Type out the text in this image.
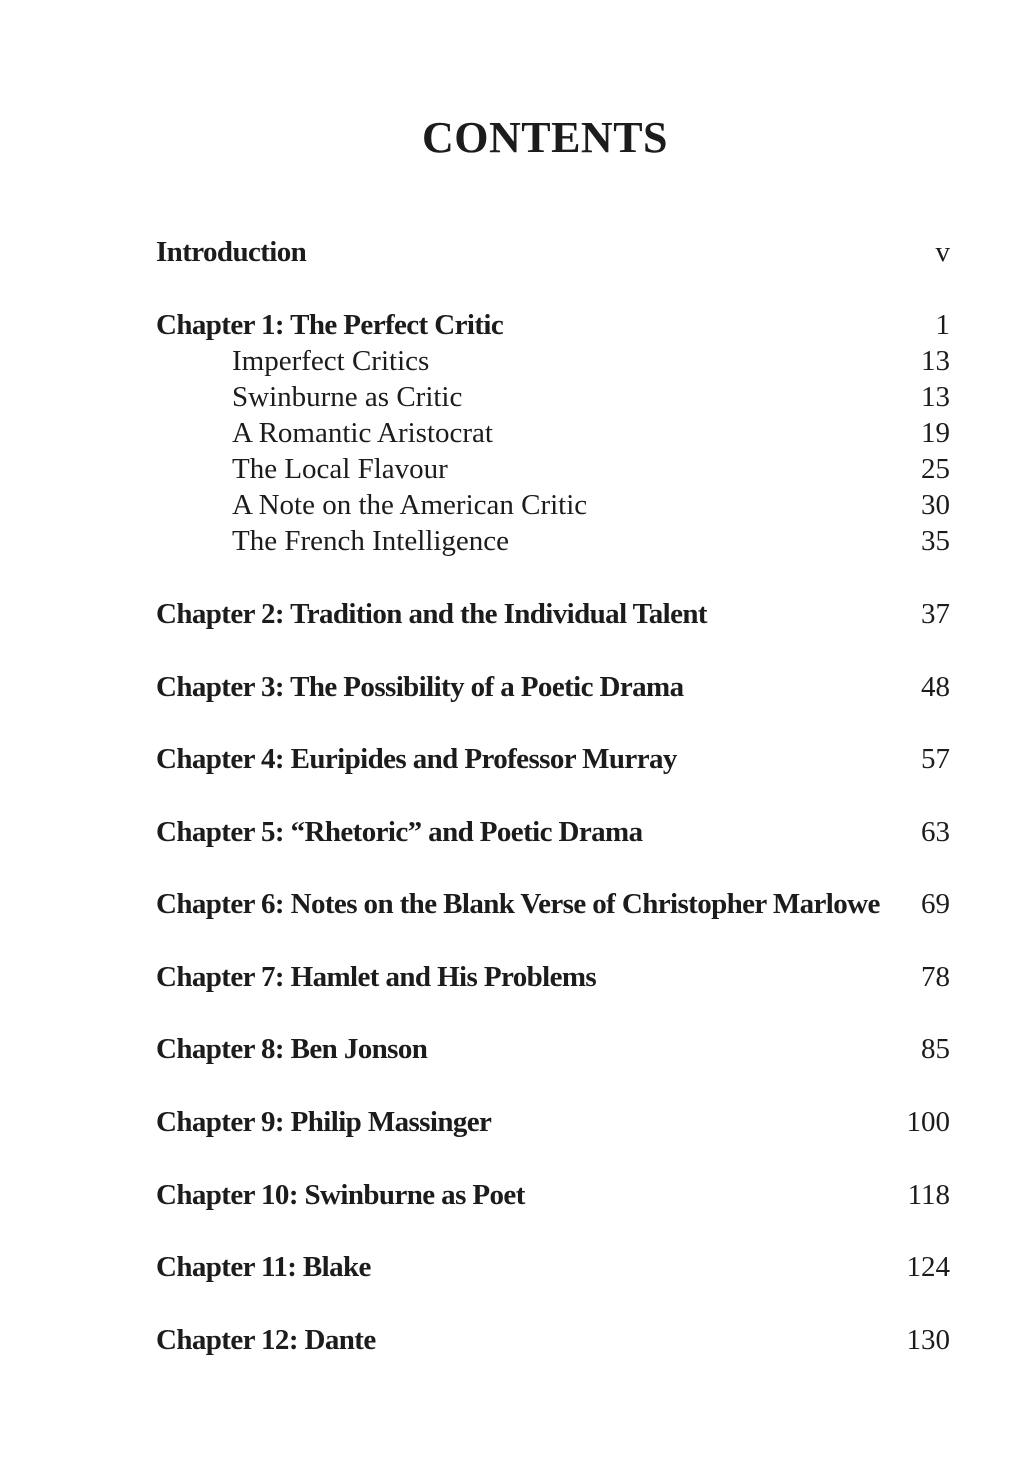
CONTENTS
Introduction	v
Chapter 1: The Perfect Critic	1
Imperfect Critics	13
Swinburne as Critic	13
A Romantic Aristocrat	19
The Local Flavour	25
A Note on the American Critic	30
The French Intelligence	35
Chapter 2: Tradition and the Individual Talent	37
Chapter 3: The Possibility of a Poetic Drama	48
Chapter 4: Euripides and Professor Murray	57
Chapter 5: “Rhetoric” and Poetic Drama	63
Chapter 6: Notes on the Blank Verse of Christopher Marlowe 69
Chapter 7: Hamlet and His Problems	78
Chapter 8: Ben Jonson	85
Chapter 9: Philip Massinger	100
Chapter 10: Swinburne as Poet	118
Chapter 11: Blake	124
Chapter 12: Dante	130
